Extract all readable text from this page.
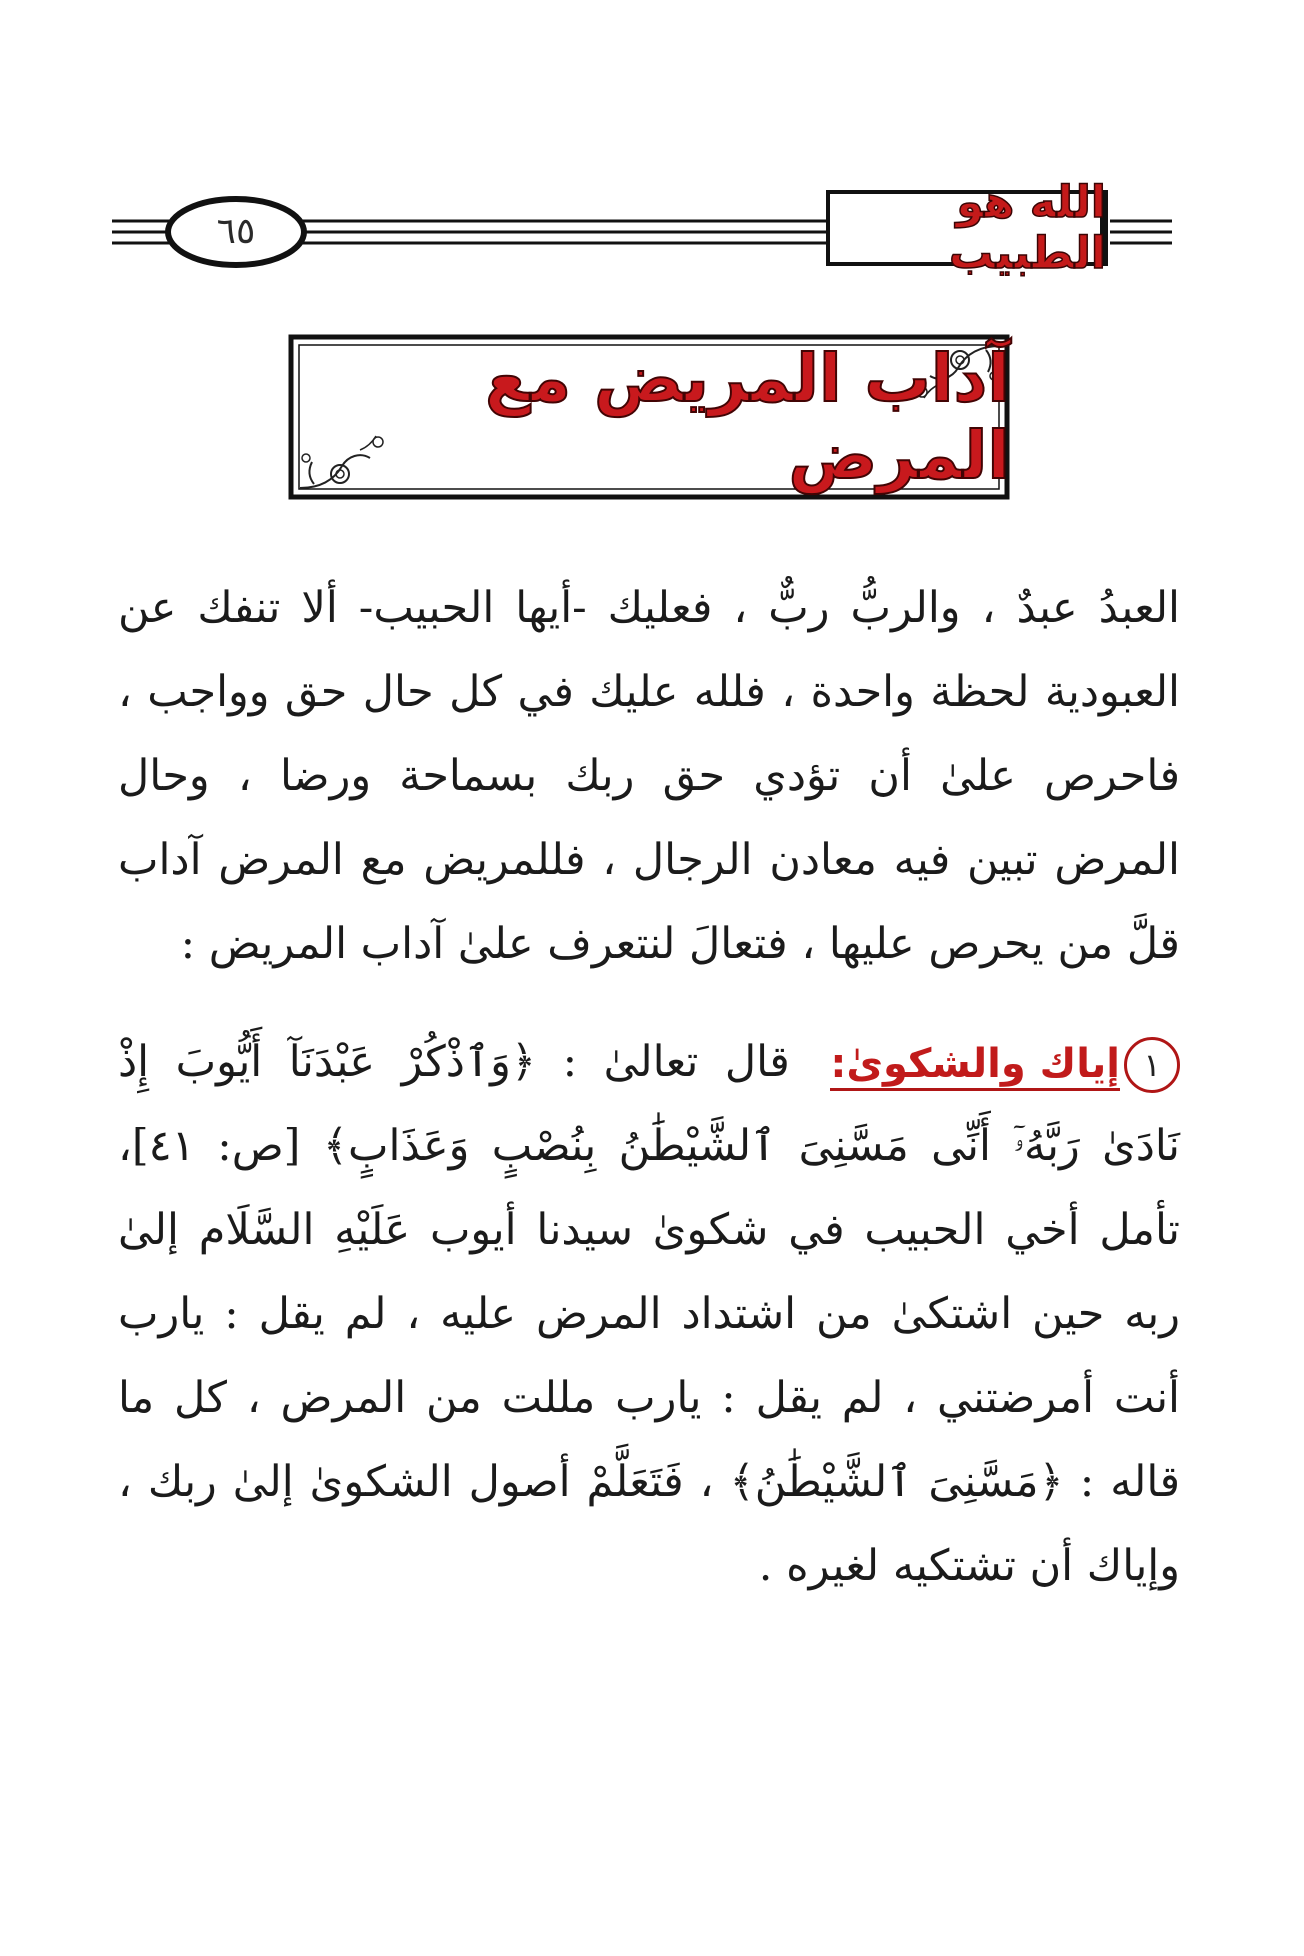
٦٥
الله هو الطبيب
آداب المريض مع المرض

العبدُ عبدٌ ، والربُّ ربٌّ ، فعليك -أيها الحبيب- ألا تنفك عن العبودية لحظة واحدة ، فلله عليك في كل حال حق وواجب ، فاحرص علىٰ أن تؤدي حق ربك بسماحة ورضا ، وحال المرض تبين فيه معادن الرجال ، فللمريض مع المرض آداب قلَّ من يحرص عليها ، فتعالَ لنتعرف علىٰ آداب المريض :

١
إياك والشكوىٰ:
قال تعالىٰ : ﴿وَٱذْكُرْ عَبْدَنَآ أَيُّوبَ إِذْ نَادَىٰ رَبَّهُۥٓ أَنِّى مَسَّنِىَ ٱلشَّيْطَٰنُ بِنُصْبٍ وَعَذَابٍ﴾ [ص: ٤١]، تأمل أخي الحبيب في شكوىٰ سيدنا أيوب عَلَيْهِ السَّلَام إلىٰ ربه حين اشتكىٰ من اشتداد المرض عليه ، لم يقل : يارب أنت أمرضتني ، لم يقل : يارب مللت من المرض ، كل ما قاله : ﴿مَسَّنِىَ ٱلشَّيْطَٰنُ﴾ ، فَتَعَلَّمْ أصول الشكوىٰ إلىٰ ربك ، وإياك أن تشتكيه لغيره .
